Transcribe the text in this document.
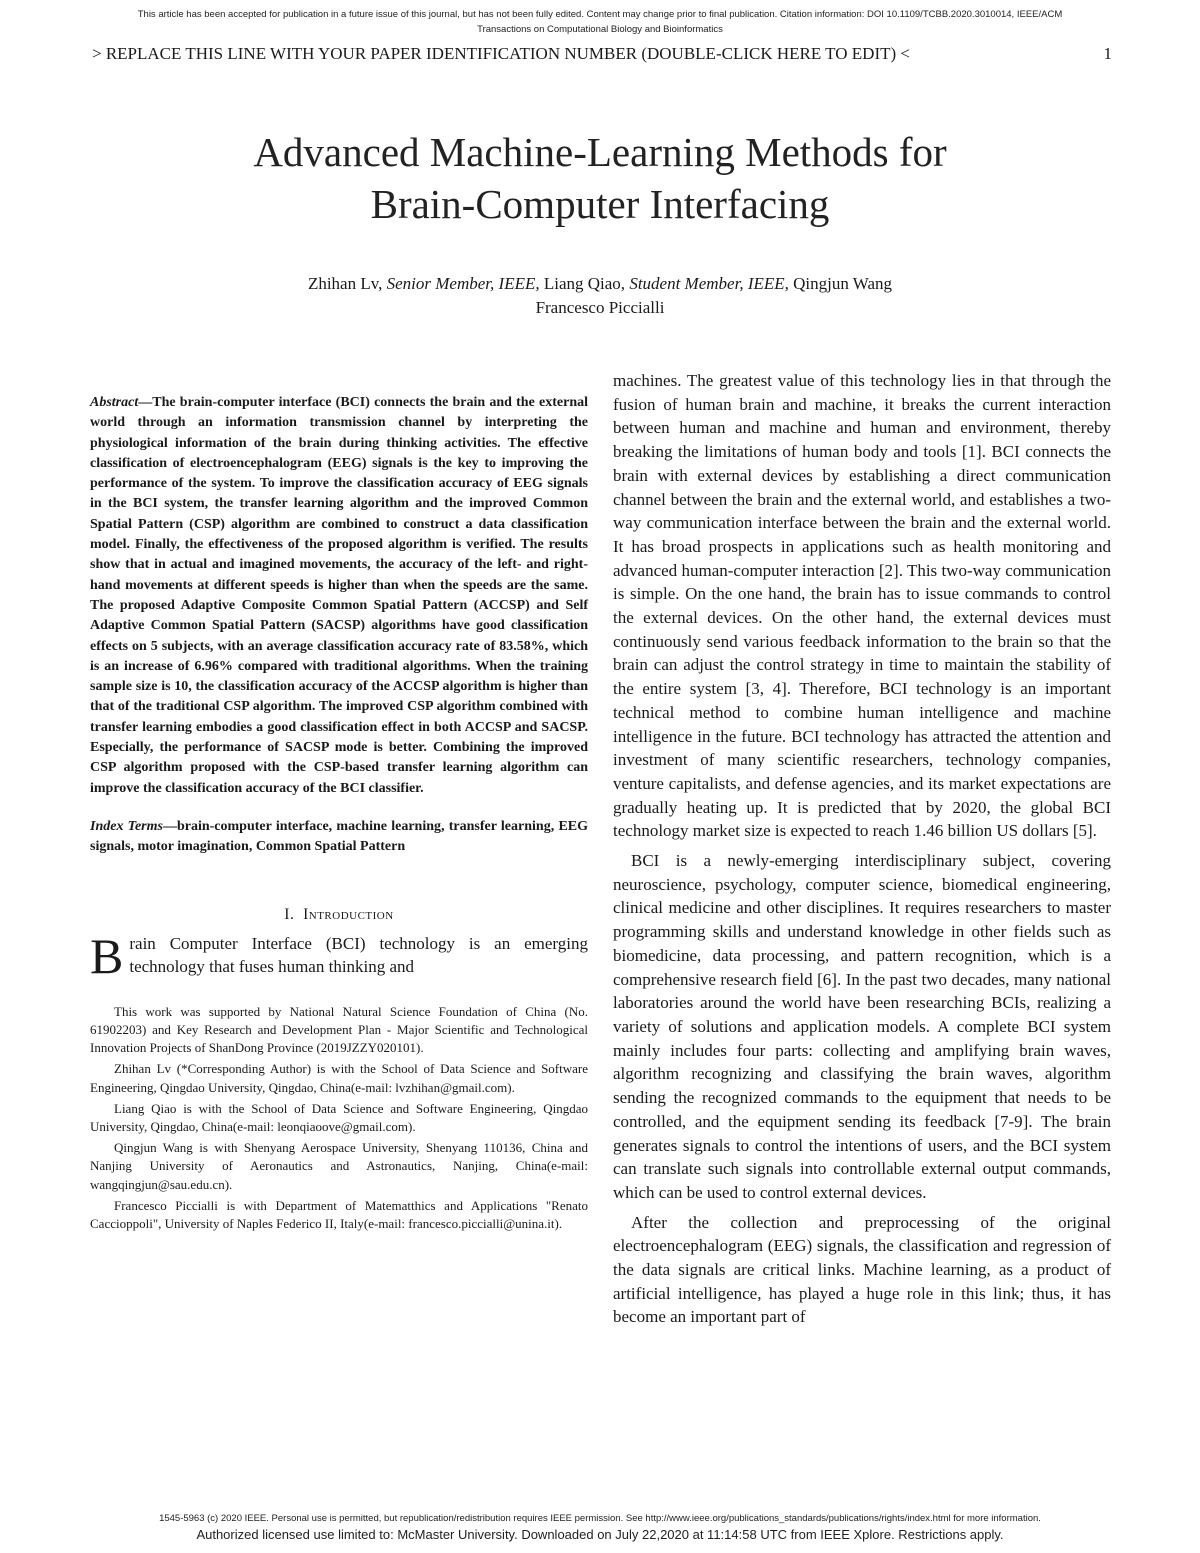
This article has been accepted for publication in a future issue of this journal, but has not been fully edited. Content may change prior to final publication. Citation information: DOI 10.1109/TCBB.2020.3010014, IEEE/ACM
Transactions on Computational Biology and Bioinformatics
> REPLACE THIS LINE WITH YOUR PAPER IDENTIFICATION NUMBER (DOUBLE-CLICK HERE TO EDIT) <	1
Advanced Machine-Learning Methods for
Brain-Computer Interfacing
Zhihan Lv, Senior Member, IEEE, Liang Qiao, Student Member, IEEE, Qingjun Wang
Francesco Piccialli

Abstract—The brain-computer interface (BCI) connects the brain and the external world through an information transmission channel by interpreting the physiological information of the brain during thinking activities. The effective classification of electroencephalogram (EEG) signals is the key to improving the performance of the system. To improve the classification accuracy of EEG signals in the BCI system, the transfer learning algorithm and the improved Common Spatial Pattern (CSP) algorithm are combined to construct a data classification model. Finally, the effectiveness of the proposed algorithm is verified. The results show that in actual and imagined movements, the accuracy of the left- and right-hand movements at different speeds is higher than when the speeds are the same. The proposed Adaptive Composite Common Spatial Pattern (ACCSP) and Self Adaptive Common Spatial Pattern (SACSP) algorithms have good classification effects on 5 subjects, with an average classification accuracy rate of 83.58%, which is an increase of 6.96% compared with traditional algorithms. When the training sample size is 10, the classification accuracy of the ACCSP algorithm is higher than that of the traditional CSP algorithm. The improved CSP algorithm combined with transfer learning embodies a good classification effect in both ACCSP and SACSP. Especially, the performance of SACSP mode is better. Combining the improved CSP algorithm proposed with the CSP-based transfer learning algorithm can improve the classification accuracy of the BCI classifier.

Index Terms—brain-computer interface, machine learning, transfer learning, EEG signals, motor imagination, Common Spatial Pattern

I. Introduction

Brain Computer Interface (BCI) technology is an emerging technology that fuses human thinking and

This work was supported by National Natural Science Foundation of China (No. 61902203) and Key Research and Development Plan - Major Scientific and Technological Innovation Projects of ShanDong Province (2019JZZY020101).

Zhihan Lv (*Corresponding Author) is with the School of Data Science and Software Engineering, Qingdao University, Qingdao, China(e-mail: lvzhihan@gmail.com).

Liang Qiao is with the School of Data Science and Software Engineering, Qingdao University, Qingdao, China(e-mail: leonqiaoove@gmail.com).

Qingjun Wang is with Shenyang Aerospace University, Shenyang 110136, China and Nanjing University of Aeronautics and Astronautics, Nanjing, China(e-mail: wangqingjun@sau.edu.cn).

Francesco Piccialli is with Department of Matematthics and Applications "Renato Caccioppoli", University of Naples Federico II, Italy(e-mail: francesco.piccialli@unina.it).

machines. The greatest value of this technology lies in that through the fusion of human brain and machine, it breaks the current interaction between human and machine and human and environment, thereby breaking the limitations of human body and tools [1]. BCI connects the brain with external devices by establishing a direct communication channel between the brain and the external world, and establishes a two-way communication interface between the brain and the external world. It has broad prospects in applications such as health monitoring and advanced human-computer interaction [2]. This two-way communication is simple. On the one hand, the brain has to issue commands to control the external devices. On the other hand, the external devices must continuously send various feedback information to the brain so that the brain can adjust the control strategy in time to maintain the stability of the entire system [3, 4]. Therefore, BCI technology is an important technical method to combine human intelligence and machine intelligence in the future. BCI technology has attracted the attention and investment of many scientific researchers, technology companies, venture capitalists, and defense agencies, and its market expectations are gradually heating up. It is predicted that by 2020, the global BCI technology market size is expected to reach 1.46 billion US dollars [5].

BCI is a newly-emerging interdisciplinary subject, covering neuroscience, psychology, computer science, biomedical engineering, clinical medicine and other disciplines. It requires researchers to master programming skills and understand knowledge in other fields such as biomedicine, data processing, and pattern recognition, which is a comprehensive research field [6]. In the past two decades, many national laboratories around the world have been researching BCIs, realizing a variety of solutions and application models. A complete BCI system mainly includes four parts: collecting and amplifying brain waves, algorithm recognizing and classifying the brain waves, algorithm sending the recognized commands to the equipment that needs to be controlled, and the equipment sending its feedback [7-9]. The brain generates signals to control the intentions of users, and the BCI system can translate such signals into controllable external output commands, which can be used to control external devices.

After the collection and preprocessing of the original electroencephalogram (EEG) signals, the classification and regression of the data signals are critical links. Machine learning, as a product of artificial intelligence, has played a huge role in this link; thus, it has become an important part of

1545-5963 (c) 2020 IEEE. Personal use is permitted, but republication/redistribution requires IEEE permission. See http://www.ieee.org/publications_standards/publications/rights/index.html for more information.
Authorized licensed use limited to: McMaster University. Downloaded on July 22,2020 at 11:14:58 UTC from IEEE Xplore. Restrictions apply.
